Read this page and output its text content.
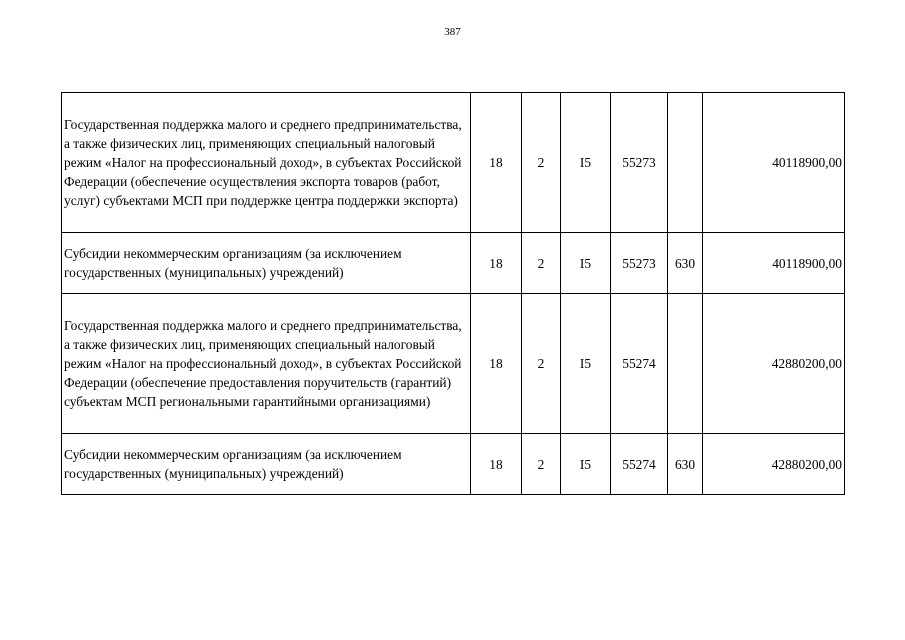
387
Государственная поддержка малого и среднего предпринимательства, а также физических лиц, применяющих специальный налоговый режим «Налог на профессиональный доход», в субъектах Российской Федерации (обеспечение осуществления экспорта товаров (работ, услуг) субъектами МСП при поддержке центра поддержки экспорта)	18	2	I5	55273		40118900,00
Субсидии некоммерческим организациям (за исключением государственных (муниципальных) учреждений)	18	2	I5	55273	630	40118900,00
Государственная поддержка малого и среднего предпринимательства, а также физических лиц, применяющих специальный налоговый режим «Налог на профессиональный доход», в субъектах Российской Федерации (обеспечение предоставления поручительств (гарантий) субъектам МСП региональными гарантийными организациями)	18	2	I5	55274		42880200,00
Субсидии некоммерческим организациям (за исключением государственных (муниципальных) учреждений)	18	2	I5	55274	630	42880200,00
